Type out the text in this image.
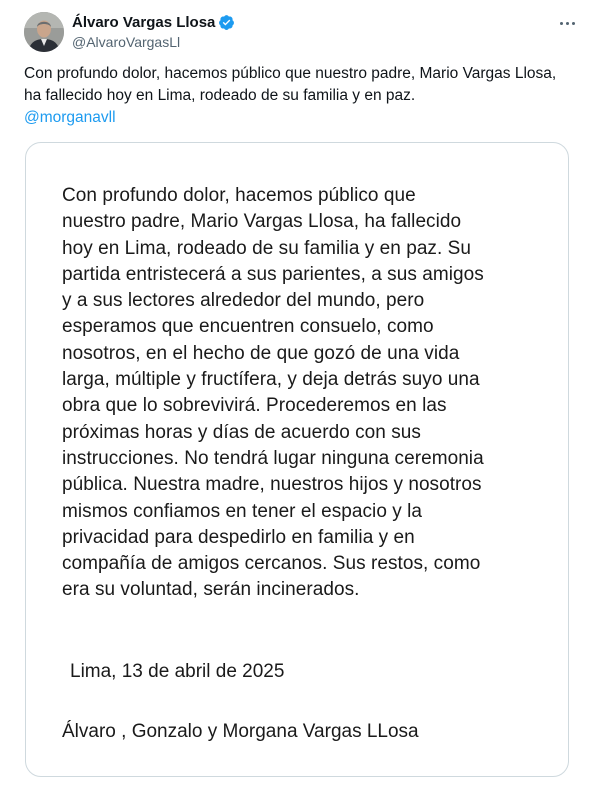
Álvaro Vargas Llosa
@AlvaroVargasLl
Con profundo dolor, hacemos público que nuestro padre, Mario Vargas Llosa, ha fallecido hoy en Lima, rodeado de su familia y en paz.
@morganavll
Con profundo dolor, hacemos público que
nuestro padre, Mario Vargas Llosa, ha fallecido
hoy en Lima, rodeado de su familia y en paz. Su
partida entristecerá a sus parientes, a sus amigos
y a sus lectores alrededor del mundo, pero
esperamos que encuentren consuelo, como
nosotros, en el hecho de que gozó de una vida
larga, múltiple y fructífera, y deja detrás suyo una
obra que lo sobrevivirá. Procederemos en las
próximas horas y días de acuerdo con sus
instrucciones. No tendrá lugar ninguna ceremonia
pública. Nuestra madre, nuestros hijos y nosotros
mismos confiamos en tener el espacio y la
privacidad para despedirlo en familia y en
compañía de amigos cercanos. Sus restos, como
era su voluntad, serán incinerados.
Lima, 13 de abril de 2025
Álvaro , Gonzalo y Morgana Vargas LLosa
